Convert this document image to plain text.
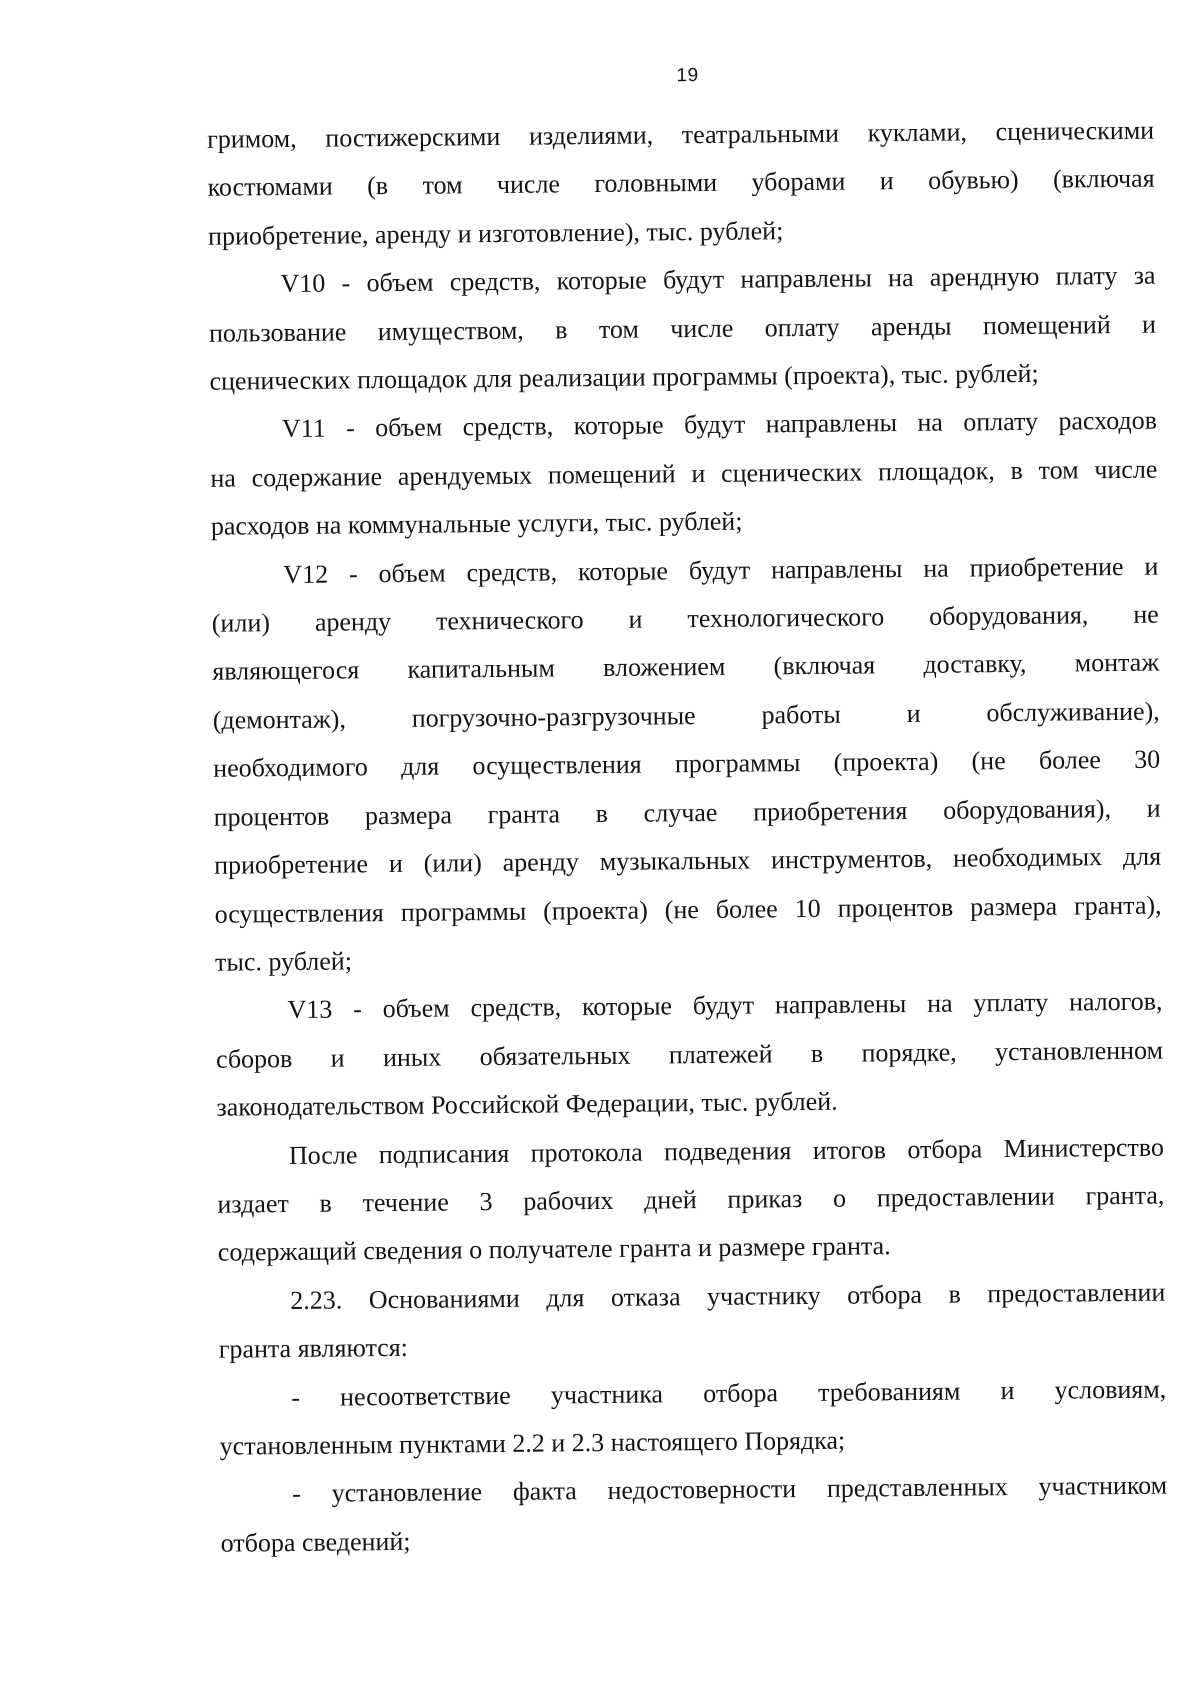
19

гримом, постижерскими изделиями, театральными куклами, сценическими
костюмами (в том числе головными уборами и обувью) (включая
приобретение, аренду и изготовление), тыс. рублей;

V10 - объем средств, которые будут направлены на арендную плату за
пользование имуществом, в том числе оплату аренды помещений и
сценических площадок для реализации программы (проекта), тыс. рублей;

V11 - объем средств, которые будут направлены на оплату расходов
на содержание арендуемых помещений и сценических площадок, в том числе
расходов на коммунальные услуги, тыс. рублей;

V12 - объем средств, которые будут направлены на приобретение и
(или) аренду технического и технологического оборудования, не
являющегося капитальным вложением (включая доставку, монтаж
(демонтаж), погрузочно-разгрузочные работы и обслуживание),
необходимого для осуществления программы (проекта) (не более 30
процентов размера гранта в случае приобретения оборудования), и
приобретение и (или) аренду музыкальных инструментов, необходимых для
осуществления программы (проекта) (не более 10 процентов размера гранта),
тыс. рублей;

V13 - объем средств, которые будут направлены на уплату налогов,
сборов и иных обязательных платежей в порядке, установленном
законодательством Российской Федерации, тыс. рублей.

После подписания протокола подведения итогов отбора Министерство
издает в течение 3 рабочих дней приказ о предоставлении гранта,
содержащий сведения о получателе гранта и размере гранта.

2.23. Основаниями для отказа участнику отбора в предоставлении
гранта являются:

- несоответствие участника отбора требованиям и условиям,
установленным пунктами 2.2 и 2.3 настоящего Порядка;

- установление факта недостоверности представленных участником
отбора сведений;
